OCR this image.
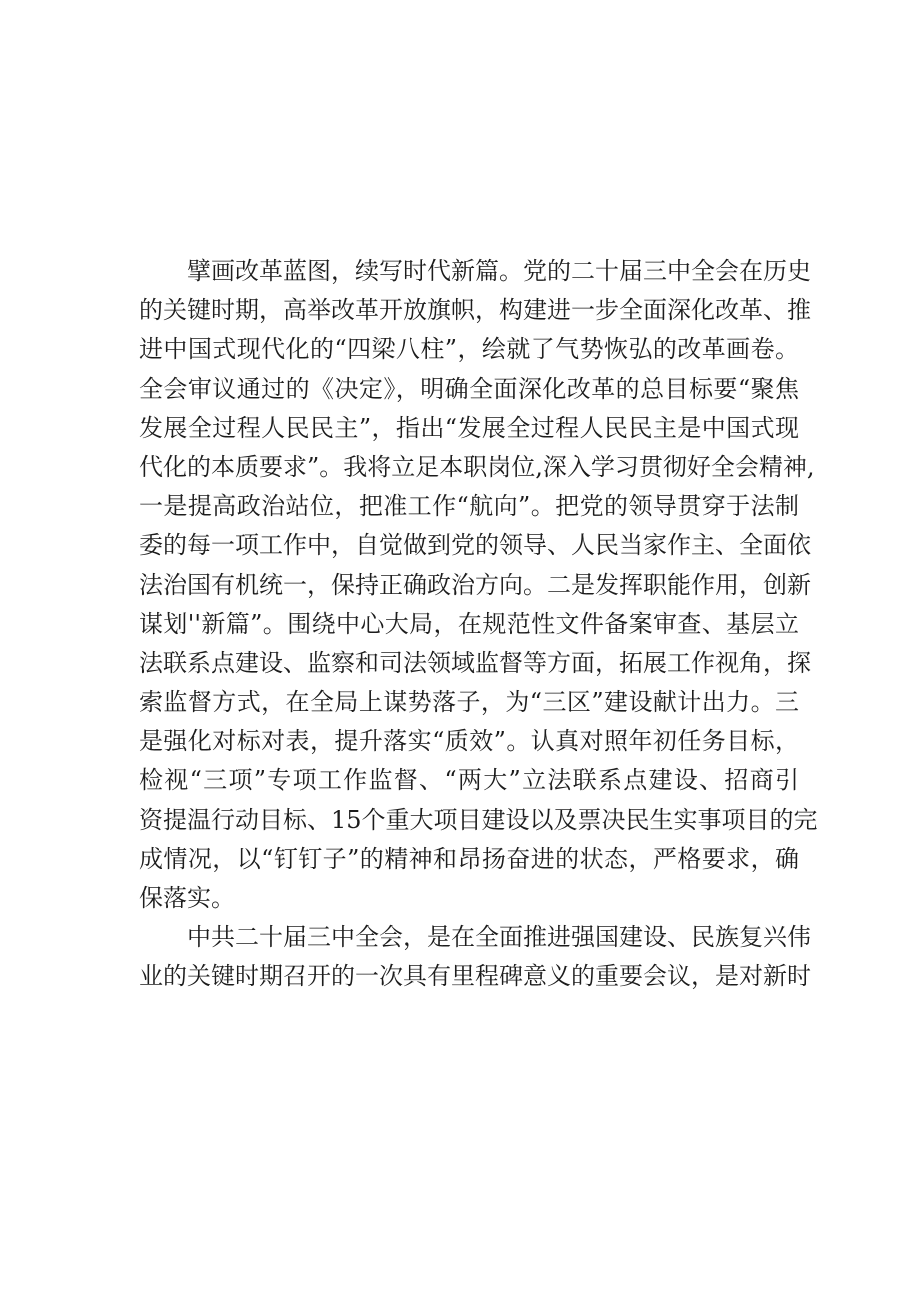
擘画改革蓝图，续写时代新篇。党的二十届三中全会在历史
的关键时期，高举改革开放旗帜，构建进一步全面深化改革、推
进中国式现代化的“四梁八柱”，绘就了气势恢弘的改革画卷。
全会审议通过的《决定》，明确全面深化改革的总目标要“聚焦
发展全过程人民民主”，指出“发展全过程人民民主是中国式现
代化的本质要求”。我将立足本职岗位,深入学习贯彻好全会精神,
一是提高政治站位，把准工作“航向”。把党的领导贯穿于法制
委的每一项工作中，自觉做到党的领导、人民当家作主、全面依
法治国有机统一，保持正确政治方向。二是发挥职能作用，创新
谋划''新篇”。围绕中心大局，在规范性文件备案审查、基层立
法联系点建设、监察和司法领域监督等方面，拓展工作视角，探
索监督方式，在全局上谋势落子，为“三区”建设献计出力。三
是强化对标对表，提升落实“质效”。认真对照年初任务目标，
检视“三项”专项工作监督、“两大”立法联系点建设、招商引
资提温行动目标、15个重大项目建设以及票决民生实事项目的完
成情况，以“钉钉子”的精神和昂扬奋进的状态，严格要求，确
保落实。
中共二十届三中全会，是在全面推进强国建设、民族复兴伟
业的关键时期召开的一次具有里程碑意义的重要会议，是对新时
